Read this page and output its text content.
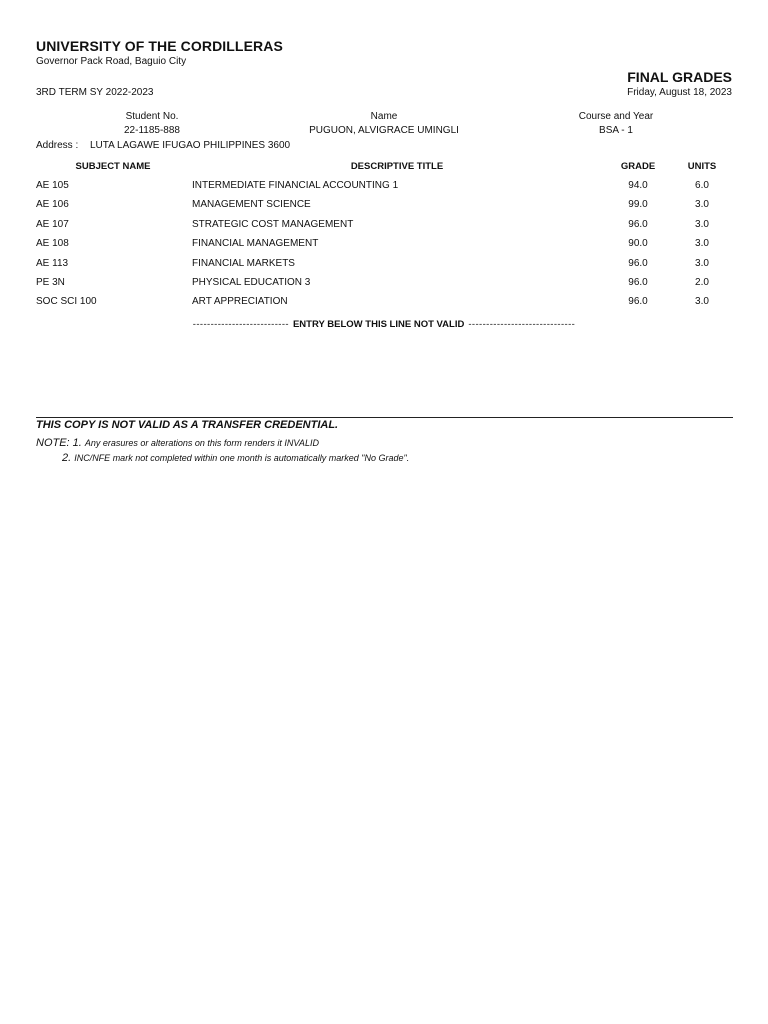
UNIVERSITY OF THE CORDILLERAS
Governor Pack Road, Baguio City
FINAL GRADES
3RD TERM SY 2022-2023	Friday, August 18, 2023
Student No.
22-1185-888
Name
PUGUON, ALVIGRACE UMINGLI
Course and Year
BSA - 1
Address : LUTA LAGAWE IFUGAO PHILIPPINES 3600
SUBJECT NAME	DESCRIPTIVE TITLE	GRADE	UNITS
AE 105	INTERMEDIATE FINANCIAL ACCOUNTING 1	94.0	6.0
AE 106	MANAGEMENT SCIENCE	99.0	3.0
AE 107	STRATEGIC COST MANAGEMENT	96.0	3.0
AE 108	FINANCIAL MANAGEMENT	90.0	3.0
AE 113	FINANCIAL MARKETS	96.0	3.0
PE 3N	PHYSICAL EDUCATION 3	96.0	2.0
SOC SCI 100	ART APPRECIATION	96.0	3.0
--------------------------- ENTRY BELOW THIS LINE NOT VALID ------------------------------
THIS COPY IS NOT VALID AS A TRANSFER CREDENTIAL.
NOTE: 1. Any erasures or alterations on this form renders it INVALID
2. INC/NFE mark not completed within one month is automatically marked "No Grade".
